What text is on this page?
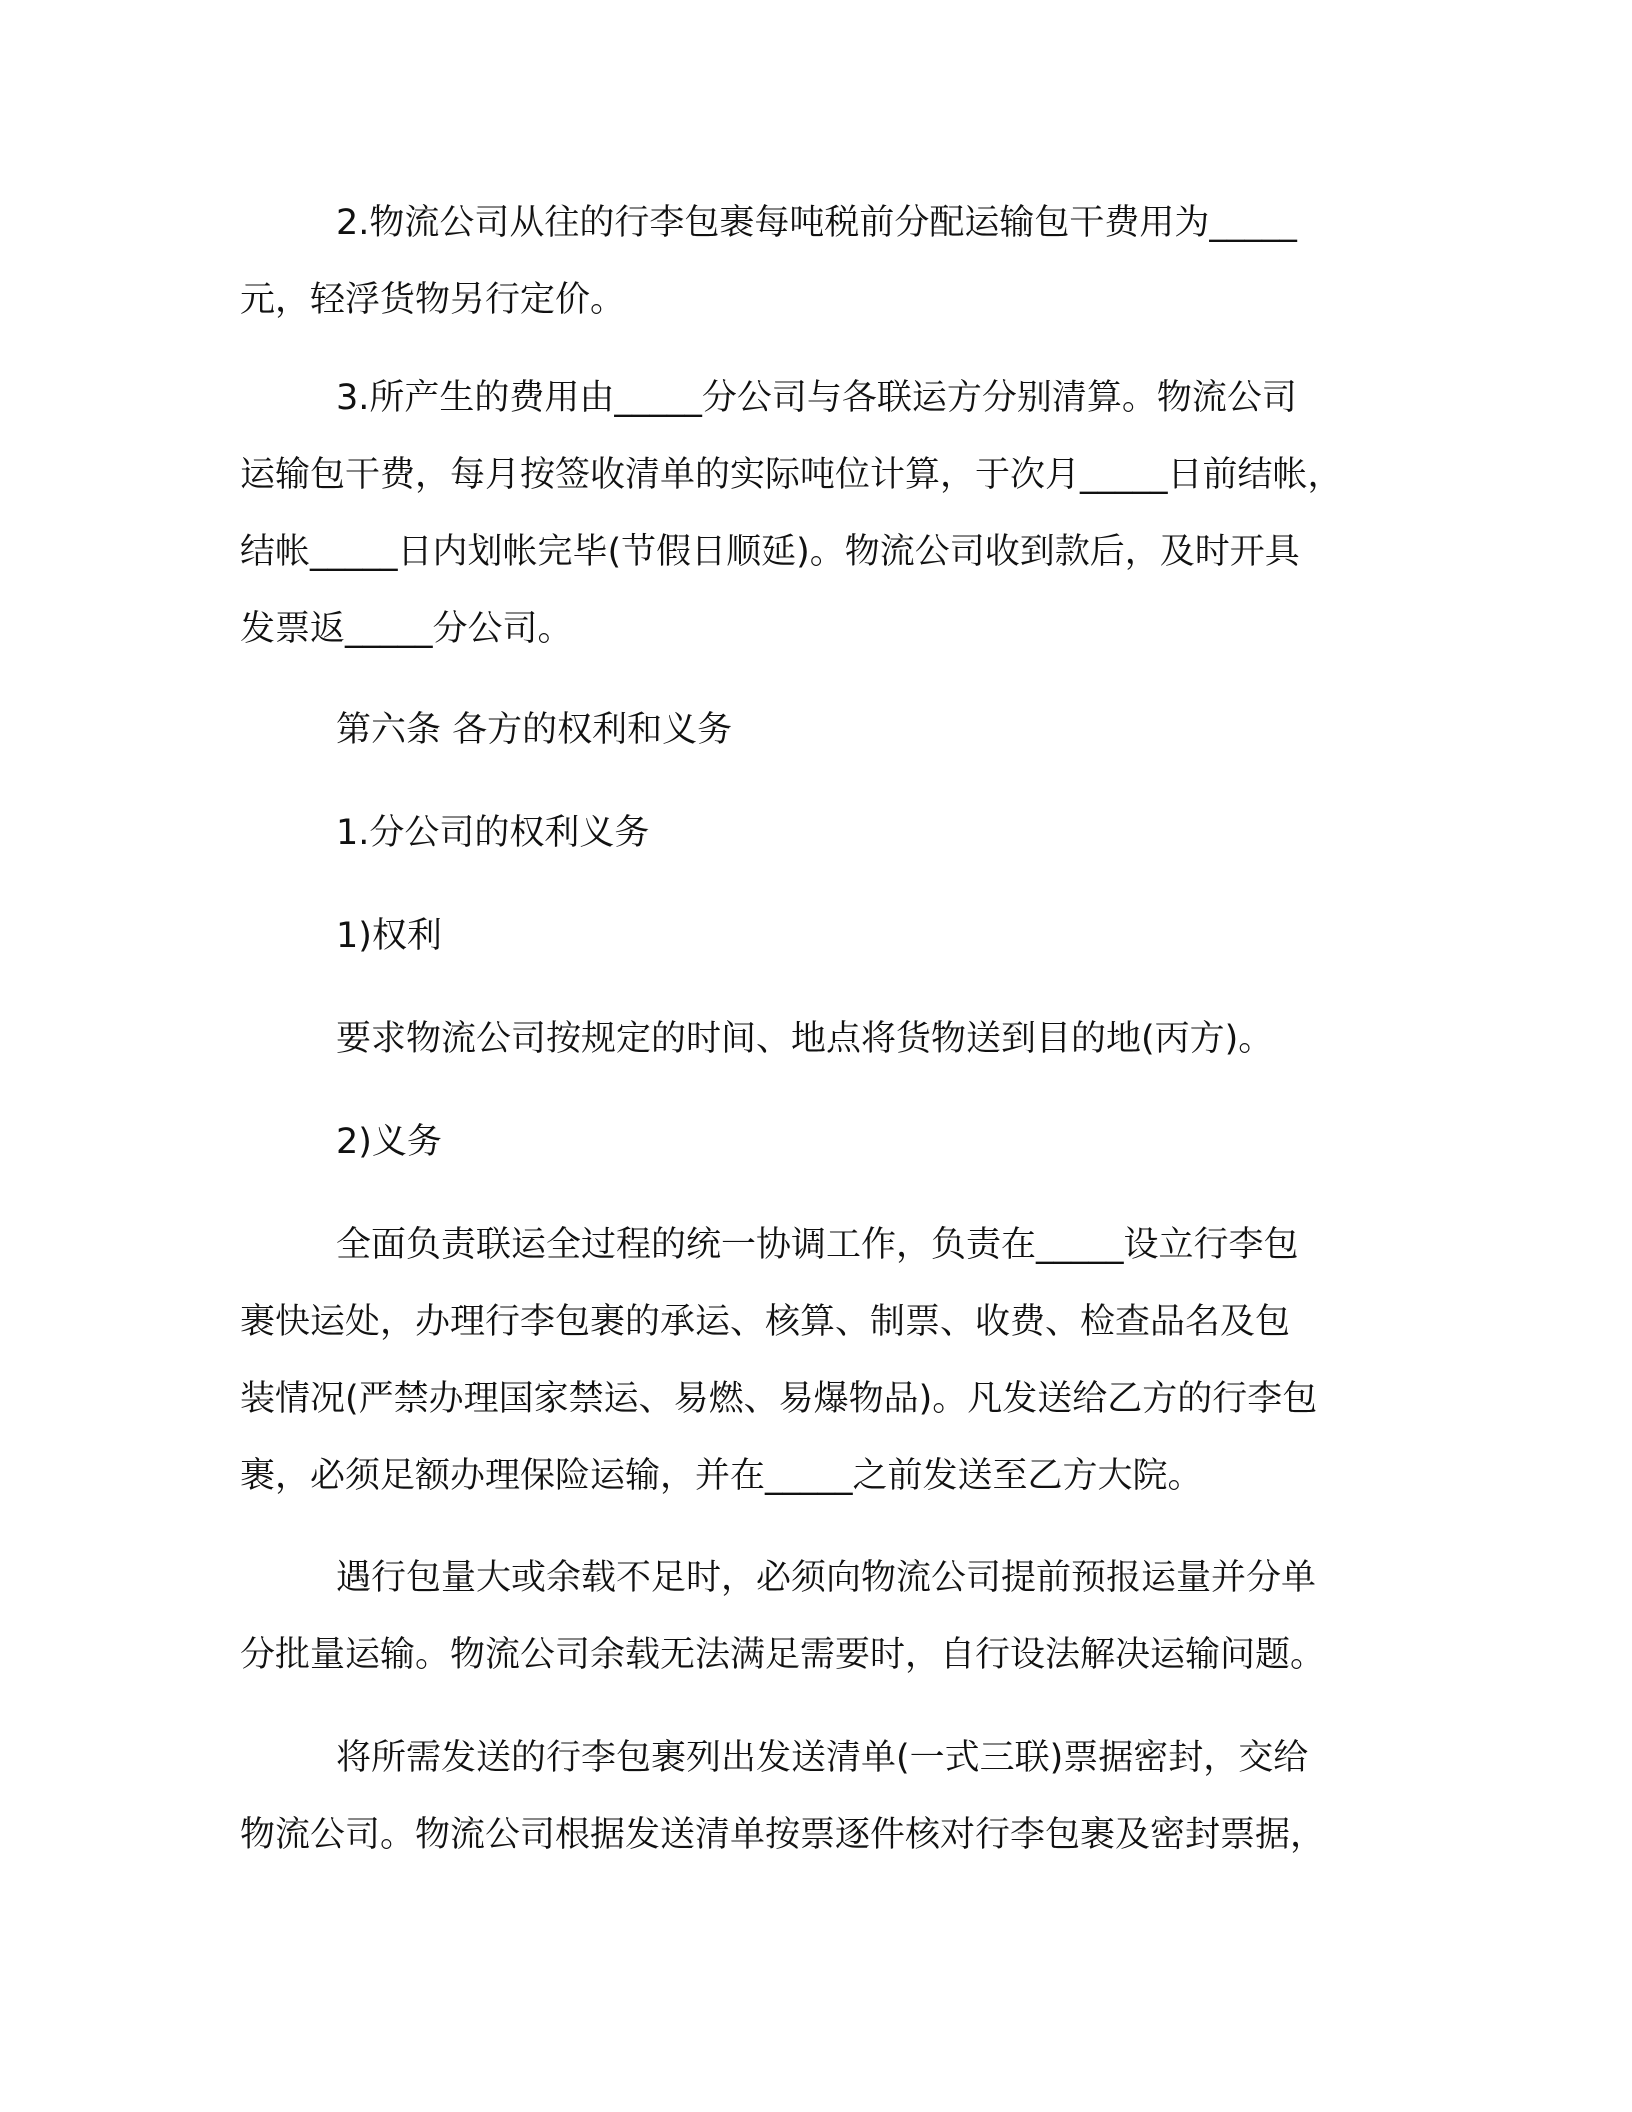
2.物流公司从往的行李包裹每吨税前分配运输包干费用为_____
元，轻浮货物另行定价。

3.所产生的费用由_____分公司与各联运方分别清算。物流公司
运输包干费，每月按签收清单的实际吨位计算，于次月_____日前结帐，
结帐_____日内划帐完毕(节假日顺延)。物流公司收到款后，及时开具
发票返_____分公司。

第六条 各方的权利和义务

1.分公司的权利义务

1)权利

要求物流公司按规定的时间、地点将货物送到目的地(丙方)。

2)义务

全面负责联运全过程的统一协调工作，负责在_____设立行李包
裹快运处，办理行李包裹的承运、核算、制票、收费、检查品名及包
装情况(严禁办理国家禁运、易燃、易爆物品)。凡发送给乙方的行李包
裹，必须足额办理保险运输，并在_____之前发送至乙方大院。

遇行包量大或余载不足时，必须向物流公司提前预报运量并分单
分批量运输。物流公司余载无法满足需要时，自行设法解决运输问题。

将所需发送的行李包裹列出发送清单(一式三联)票据密封，交给
物流公司。物流公司根据发送清单按票逐件核对行李包裹及密封票据，
